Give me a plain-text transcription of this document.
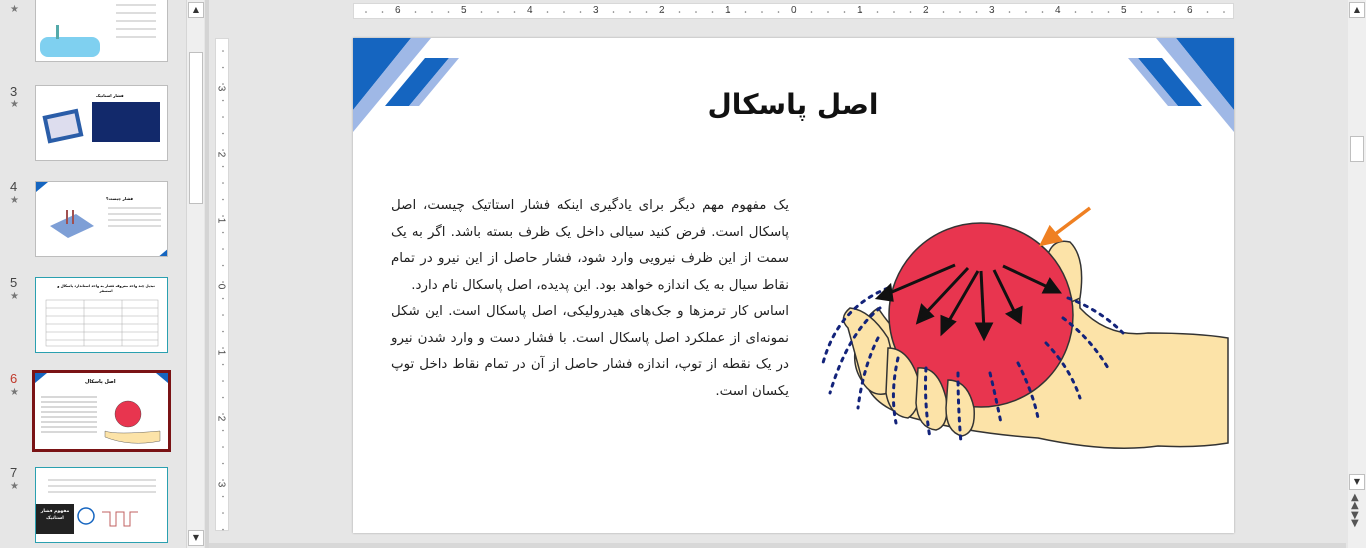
★
3
★
فشار استاتیک
4
★	فشار چیست؟
5
★
تبدیل چند واحد معروف فشار به واحد استاندارد پاسکال و اتمسفر
6
★
اصل پاسکال
7
★
مفهوم فشار استاتیک
▲
▼
6	5	4	3	2	1	0	1	2	3	4	5	6
3
2
1
0
1
2
3
اصل پاسکال

یک مفهوم مهم دیگر برای یادگیری اینکه فشار استاتیک چیست، اصل پاسکال است. فرض کنید سیالی داخل یک ظرف بسته باشد. اگر به یک سمت از این ظرف نیرویی وارد شود، فشار حاصل از این نیرو در تمام نقاط سیال به یک اندازه خواهد بود. این پدیده، اصل پاسکال نام دارد.

اساس کار ترمزها و جک‌های هیدرولیکی، اصل پاسکال است. این شکل نمونه‌ای از عملکرد اصل پاسکال است. با فشار دست و وارد شدن نیرو در یک نقطه از توپ، اندازه فشار حاصل از آن در تمام نقاط داخل توپ یکسان است.

▲
▼
▲
▲
▼
▼
